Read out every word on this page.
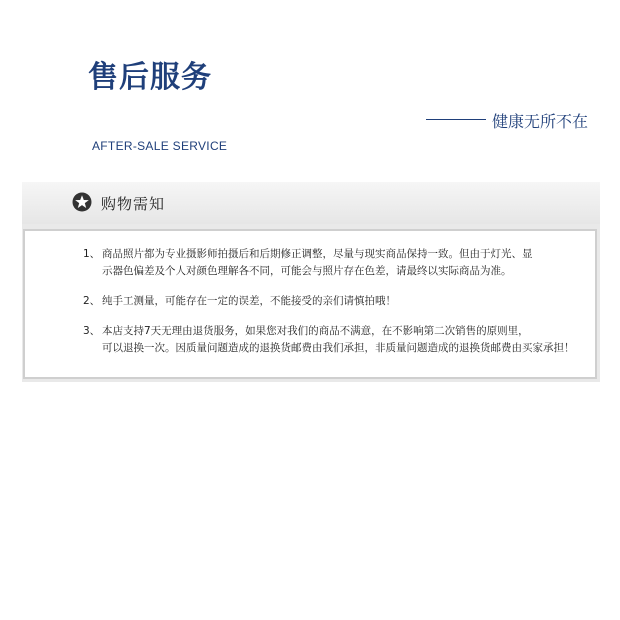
售后服务
健康无所不在
AFTER-SALE SERVICE
购物需知
1、 商品照片都为专业摄影师拍摄后和后期修正调整，尽量与现实商品保持一致。但由于灯光、显
示器色偏差及个人对颜色理解各不同，可能会与照片存在色差，请最终以实际商品为准。
2、 纯手工测量，可能存在一定的误差，不能接受的亲们请慎拍哦！
3、 本店支持7天无理由退货服务，如果您对我们的商品不满意，在不影响第二次销售的原则里，
可以退换一次。因质量问题造成的退换货邮费由我们承担，非质量问题造成的退换货邮费由买家承担！
